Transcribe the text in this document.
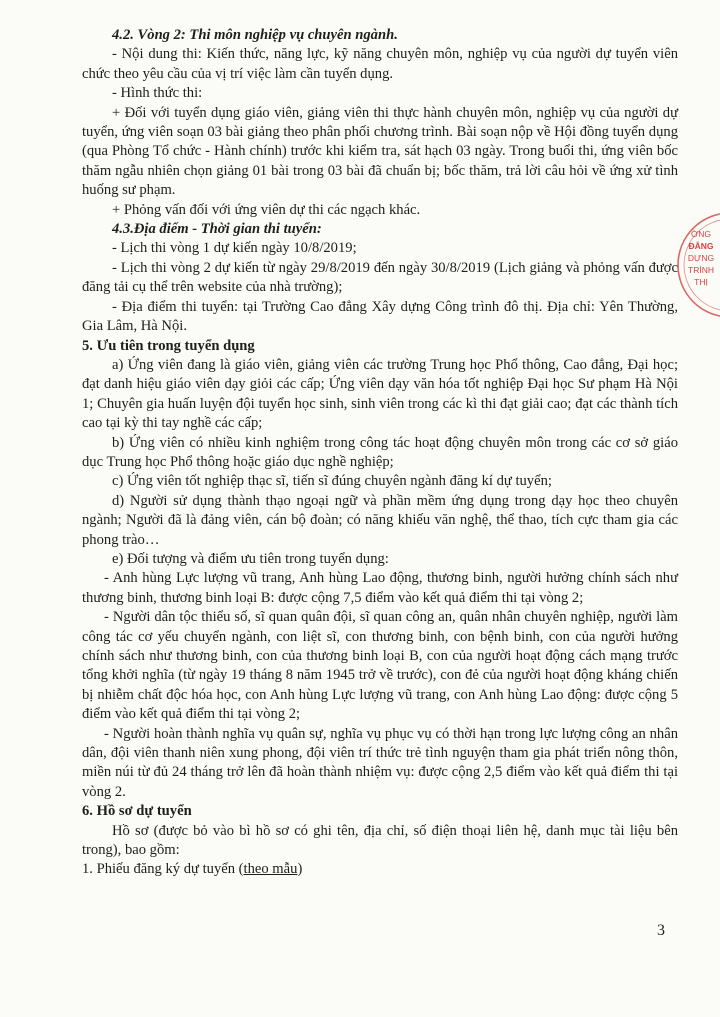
4.2. Vòng 2: Thi môn nghiệp vụ chuyên ngành.

- Nội dung thi: Kiến thức, năng lực, kỹ năng chuyên môn, nghiệp vụ của người dự tuyển viên chức theo yêu cầu của vị trí việc làm cần tuyển dụng.

- Hình thức thi:

+ Đối với tuyển dụng giáo viên, giảng viên thi thực hành chuyên môn, nghiệp vụ của người dự tuyển, ứng viên soạn 03 bài giảng theo phân phối chương trình. Bài soạn nộp về Hội đồng tuyển dụng (qua Phòng Tổ chức - Hành chính) trước khi kiểm tra, sát hạch 03 ngày. Trong buổi thi, ứng viên bốc thăm ngẫu nhiên chọn giảng 01 bài trong 03 bài đã chuẩn bị; bốc thăm, trả lời câu hỏi về ứng xử tình huống sư phạm.

+ Phỏng vấn đối với ứng viên dự thi các ngạch khác.

4.3.Địa điểm - Thời gian thi tuyển:

- Lịch thi vòng 1 dự kiến ngày 10/8/2019;

- Lịch thi vòng 2 dự kiến từ ngày 29/8/2019 đến ngày 30/8/2019 (Lịch giảng và phỏng vấn được đăng tải cụ thể trên website của nhà trường);

- Địa điểm thi tuyển: tại Trường Cao đẳng Xây dựng Công trình đô thị. Địa chỉ: Yên Thường, Gia Lâm, Hà Nội.

5. Ưu tiên trong tuyển dụng

a) Ứng viên đang là giáo viên, giảng viên các trường Trung học Phổ thông, Cao đẳng, Đại học; đạt danh hiệu giáo viên dạy giỏi các cấp; Ứng viên dạy văn hóa tốt nghiệp Đại học Sư phạm Hà Nội 1; Chuyên gia huấn luyện đội tuyển học sinh, sinh viên trong các kì thi đạt giải cao; đạt các thành tích cao tại kỳ thi tay nghề các cấp;

b) Ứng viên có nhiều kinh nghiệm trong công tác hoạt động chuyên môn trong các cơ sở giáo dục Trung học Phổ thông hoặc giáo dục nghề nghiệp;

c) Ứng viên tốt nghiệp thạc sĩ, tiến sĩ đúng chuyên ngành đăng kí dự tuyển;

d) Người sử dụng thành thạo ngoại ngữ và phần mềm ứng dụng trong dạy học theo chuyên ngành; Người đã là đảng viên, cán bộ đoàn; có năng khiếu văn nghệ, thể thao, tích cực tham gia các phong trào…

e) Đối tượng và điểm ưu tiên trong tuyển dụng:

- Anh hùng Lực lượng vũ trang, Anh hùng Lao động, thương binh, người hưởng chính sách như thương binh, thương binh loại B: được cộng 7,5 điểm vào kết quả điểm thi tại vòng 2;

- Người dân tộc thiểu số, sĩ quan quân đội, sĩ quan công an, quân nhân chuyên nghiệp, người làm công tác cơ yếu chuyển ngành, con liệt sĩ, con thương binh, con bệnh binh, con của người hưởng chính sách như thương binh, con của thương binh loại B, con của người hoạt động cách mạng trước tổng khởi nghĩa (từ ngày 19 tháng 8 năm 1945 trở về trước), con đẻ của người hoạt động kháng chiến bị nhiễm chất độc hóa học, con Anh hùng Lực lượng vũ trang, con Anh hùng Lao động: được cộng 5 điểm vào kết quả điểm thi tại vòng 2;

- Người hoàn thành nghĩa vụ quân sự, nghĩa vụ phục vụ có thời hạn trong lực lượng công an nhân dân, đội viên thanh niên xung phong, đội viên trí thức trẻ tình nguyện tham gia phát triển nông thôn, miền núi từ đủ 24 tháng trở lên đã hoàn thành nhiệm vụ: được cộng 2,5 điểm vào kết quả điểm thi tại vòng 2.

6. Hồ sơ dự tuyển

Hồ sơ (được bỏ vào bì hồ sơ có ghi tên, địa chỉ, số điện thoại liên hệ, danh mục tài liệu bên trong), bao gồm:

1. Phiếu đăng ký dự tuyển (theo mẫu)

ỜNG
ĐĂNG
DỰNG
TRÌNH
THỊ
3
